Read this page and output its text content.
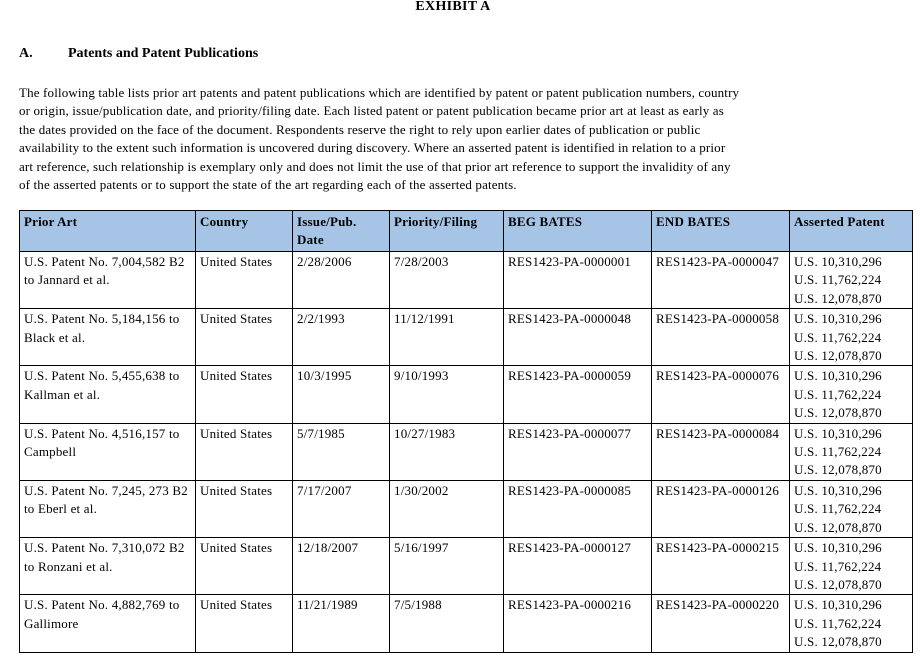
EXHIBIT A
A.	Patents and Patent Publications

The following table lists prior art patents and patent publications which are identified by patent or patent publication numbers, country
or origin, issue/publication date, and priority/filing date. Each listed patent or patent publication became prior art at least as early as
the dates provided on the face of the document. Respondents reserve the right to rely upon earlier dates of publication or public
availability to the extent such information is uncovered during discovery. Where an asserted patent is identified in relation to a prior
art reference, such relationship is exemplary only and does not limit the use of that prior art reference to support the invalidity of any
of the asserted patents or to support the state of the art regarding each of the asserted patents.

Prior Art	Country	Issue/Pub. Date	Priority/Filing	BEG BATES	END BATES	Asserted Patent
U.S. Patent No. 7,004,582 B2 to Jannard et al.	United States	2/28/2006	7/28/2003	RES1423-PA-0000001	RES1423-PA-0000047	U.S. 10,310,296
U.S. 11,762,224
U.S. 12,078,870

U.S. Patent No. 5,184,156 to Black et al.	United States	2/2/1993	11/12/1991	RES1423-PA-0000048	RES1423-PA-0000058	U.S. 10,310,296
U.S. 11,762,224
U.S. 12,078,870

U.S. Patent No. 5,455,638 to Kallman et al.	United States	10/3/1995	9/10/1993	RES1423-PA-0000059	RES1423-PA-0000076	U.S. 10,310,296
U.S. 11,762,224
U.S. 12,078,870

U.S. Patent No. 4,516,157 to Campbell	United States	5/7/1985	10/27/1983	RES1423-PA-0000077	RES1423-PA-0000084	U.S. 10,310,296
U.S. 11,762,224
U.S. 12,078,870

U.S. Patent No. 7,245, 273 B2 to Eberl et al.	United States	7/17/2007	1/30/2002	RES1423-PA-0000085	RES1423-PA-0000126	U.S. 10,310,296
U.S. 11,762,224
U.S. 12,078,870

U.S. Patent No. 7,310,072 B2 to Ronzani et al.	United States	12/18/2007	5/16/1997	RES1423-PA-0000127	RES1423-PA-0000215	U.S. 10,310,296
U.S. 11,762,224
U.S. 12,078,870

U.S. Patent No. 4,882,769 to Gallimore	United States	11/21/1989	7/5/1988	RES1423-PA-0000216	RES1423-PA-0000220	U.S. 10,310,296
U.S. 11,762,224
U.S. 12,078,870
